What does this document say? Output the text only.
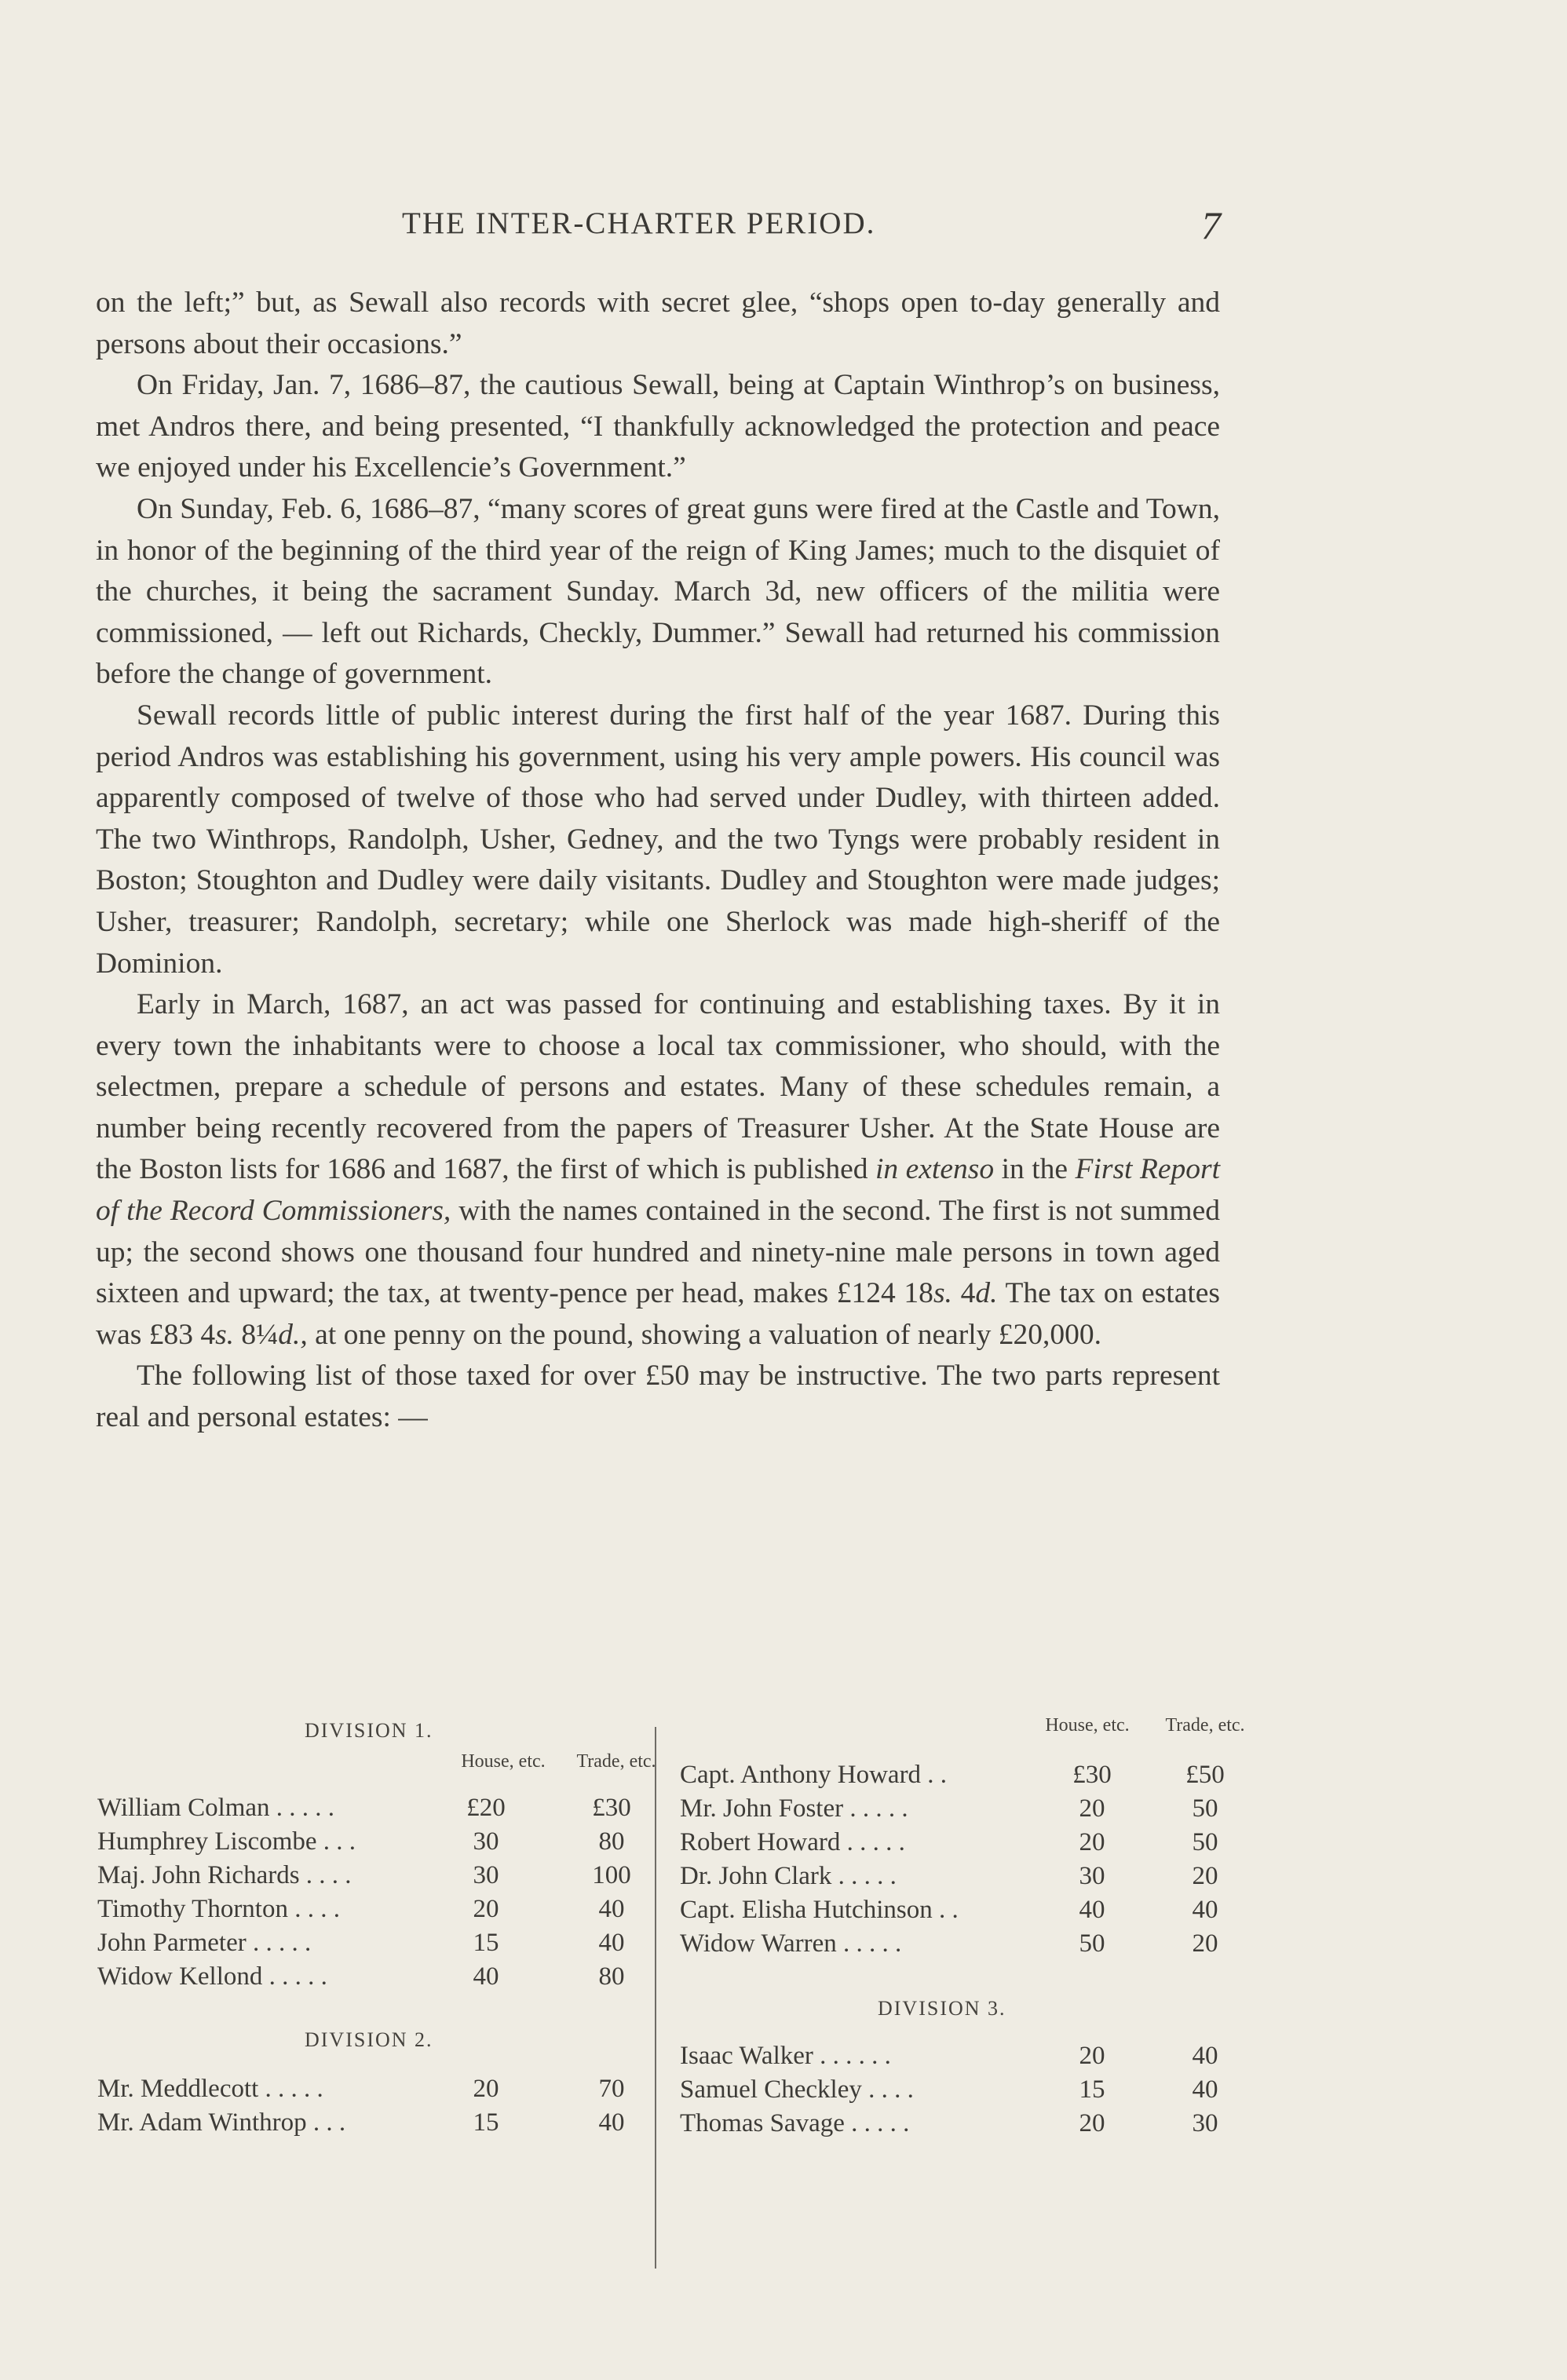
THE INTER-CHARTER PERIOD.	7

on the left;” but, as Sewall also records with secret glee, “shops open to-day generally and persons about their occasions.”

On Friday, Jan. 7, 1686–87, the cautious Sewall, being at Captain Winthrop’s on business, met Andros there, and being presented, “I thankfully acknowledged the protection and peace we enjoyed under his Excellencie’s Government.”

On Sunday, Feb. 6, 1686–87, “many scores of great guns were fired at the Castle and Town, in honor of the beginning of the third year of the reign of King James; much to the disquiet of the churches, it being the sacrament Sunday. March 3d, new officers of the militia were commissioned, — left out Richards, Checkly, Dummer.” Sewall had returned his commission before the change of government.

Sewall records little of public interest during the first half of the year 1687. During this period Andros was establishing his government, using his very ample powers. His council was apparently composed of twelve of those who had served under Dudley, with thirteen added. The two Winthrops, Randolph, Usher, Gedney, and the two Tyngs were probably resident in Boston; Stoughton and Dudley were daily visitants. Dudley and Stoughton were made judges; Usher, treasurer; Randolph, secretary; while one Sherlock was made high-sheriff of the Dominion.

Early in March, 1687, an act was passed for continuing and establishing taxes. By it in every town the inhabitants were to choose a local tax commissioner, who should, with the selectmen, prepare a schedule of persons and estates. Many of these schedules remain, a number being recently recovered from the papers of Treasurer Usher. At the State House are the Boston lists for 1686 and 1687, the first of which is published in extenso in the First Report of the Record Commissioners, with the names contained in the second. The first is not summed up; the second shows one thousand four hundred and ninety-nine male persons in town aged sixteen and upward; the tax, at twenty-pence per head, makes £124 18s. 4d. The tax on estates was £83 4s. 8¼d., at one penny on the pound, showing a valuation of nearly £20,000.

The following list of those taxed for over £50 may be instructive. The two parts represent real and personal estates: —

DIVISION 1.
House, etc. Trade, etc.
William Colman . . . . .	£20	£30
Humphrey Liscombe . . .	30	80
Maj. John Richards . . . .	30	100
Timothy Thornton . . . .	20	40
John Parmeter . . . . .	15	40
Widow Kellond . . . . .	40	80
DIVISION 2.
Mr. Meddlecott . . . . .	20	70
Mr. Adam Winthrop . . .	15	40
House, etc. Trade, etc.
Capt. Anthony Howard . .	£30	£50
Mr. John Foster . . . . .	20	50
Robert Howard . . . . .	20	50
Dr. John Clark . . . . .	30	20
Capt. Elisha Hutchinson . .	40	40
Widow Warren . . . . .	50	20
DIVISION 3.
Isaac Walker . . . . . .	20	40
Samuel Checkley . . . .	15	40
Thomas Savage . . . . .	20	30
